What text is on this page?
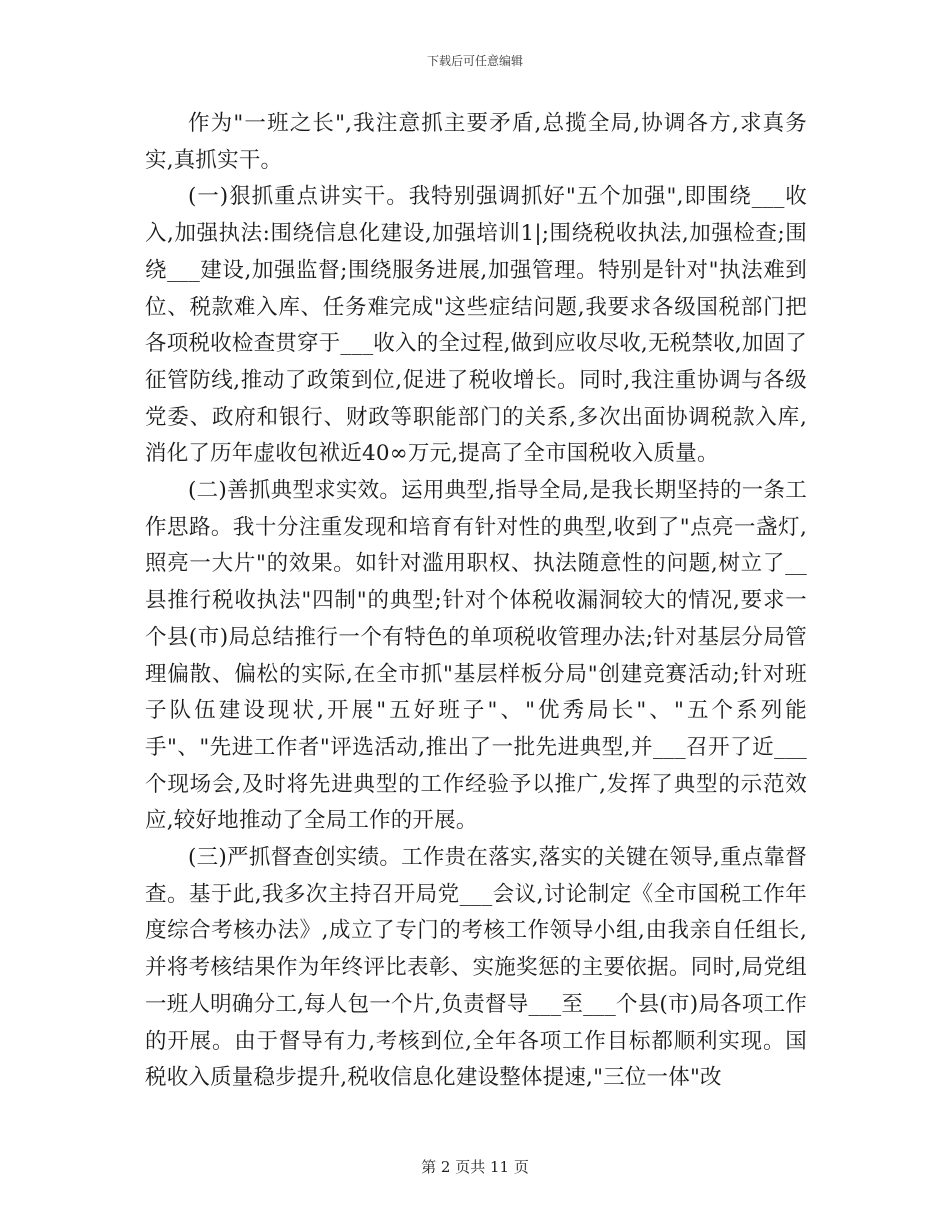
下载后可任意编辑

作为"一班之长",我注意抓主要矛盾,总揽全局,协调各方,求真务实,真抓实干。

(一)狠抓重点讲实干。我特别强调抓好"五个加强",即围绕___收入,加强执法:围绕信息化建设,加强培训1|;围绕税收执法,加强检查;围绕___建设,加强监督;围绕服务进展,加强管理。特别是针对"执法难到位、税款难入库、任务难完成"这些症结问题,我要求各级国税部门把各项税收检查贯穿于___收入的全过程,做到应收尽收,无税禁收,加固了征管防线,推动了政策到位,促进了税收增长。同时,我注重协调与各级党委、政府和银行、财政等职能部门的关系,多次出面协调税款入库,消化了历年虚收包袱近40∞万元,提高了全市国税收入质量。

(二)善抓典型求实效。运用典型,指导全局,是我长期坚持的一条工作思路。我十分注重发现和培育有针对性的典型,收到了"点亮一盏灯,照亮一大片"的效果。如针对滥用职权、执法随意性的问题,树立了__县推行税收执法"四制"的典型;针对个体税收漏洞较大的情况,要求一个县(市)局总结推行一个有特色的单项税收管理办法;针对基层分局管理偏散、偏松的实际,在全市抓"基层样板分局"创建竞赛活动;针对班子队伍建设现状,开展"五好班子"、"优秀局长"、"五个系列能手"、"先进工作者"评选活动,推出了一批先进典型,并___召开了近___个现场会,及时将先进典型的工作经验予以推广,发挥了典型的示范效应,较好地推动了全局工作的开展。

(三)严抓督查创实绩。工作贵在落实,落实的关键在领导,重点靠督查。基于此,我多次主持召开局党___会议,讨论制定《全市国税工作年度综合考核办法》,成立了专门的考核工作领导小组,由我亲自任组长,并将考核结果作为年终评比表彰、实施奖惩的主要依据。同时,局党组一班人明确分工,每人包一个片,负责督导___至___个县(市)局各项工作的开展。由于督导有力,考核到位,全年各项工作目标都顺利实现。国税收入质量稳步提升,税收信息化建设整体提速,"三位一体"改

第 2 页共 11 页
